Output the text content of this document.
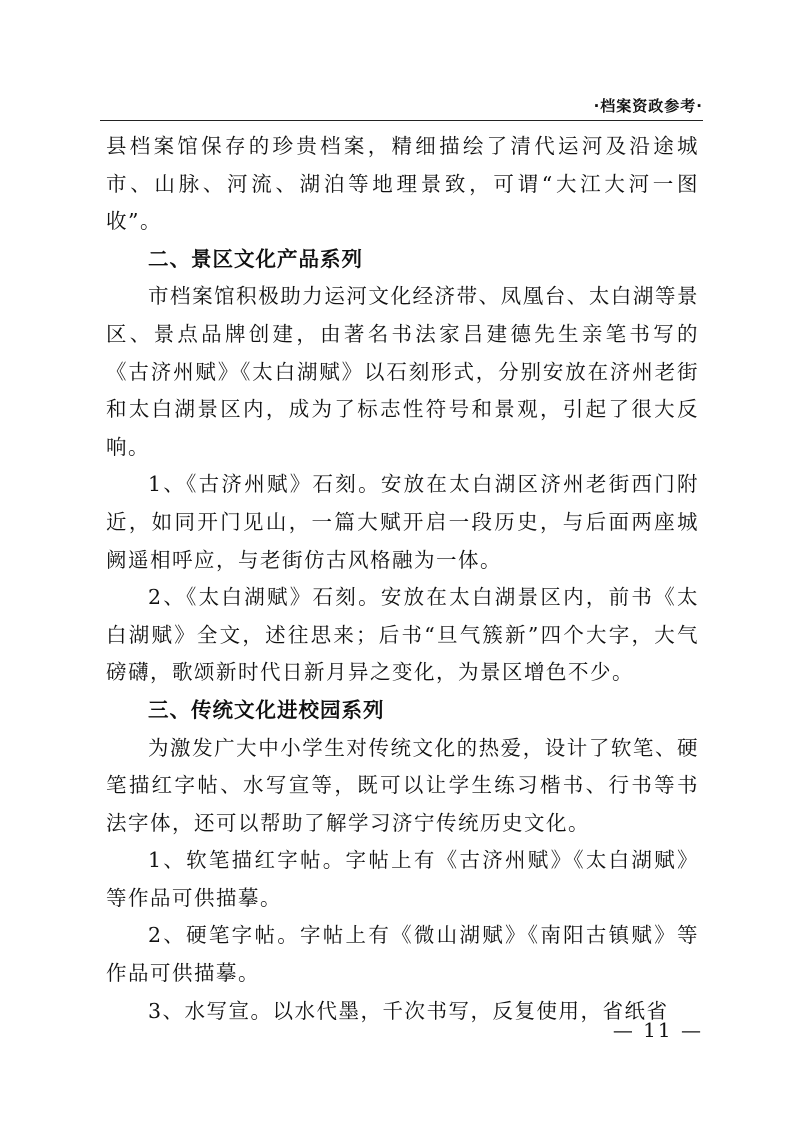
·档案资政参考·

县档案馆保存的珍贵档案，精细描绘了清代运河及沿途城市、山脉、河流、湖泊等地理景致，可谓“大江大河一图收”。

二、景区文化产品系列

市档案馆积极助力运河文化经济带、凤凰台、太白湖等景区、景点品牌创建，由著名书法家吕建德先生亲笔书写的《古济州赋》《太白湖赋》以石刻形式，分别安放在济州老街和太白湖景区内，成为了标志性符号和景观，引起了很大反响。

1、《古济州赋》石刻。安放在太白湖区济州老街西门附近，如同开门见山，一篇大赋开启一段历史，与后面两座城阙遥相呼应，与老街仿古风格融为一体。

2、《太白湖赋》石刻。安放在太白湖景区内，前书《太白湖赋》全文，述往思来；后书“旦气簇新”四个大字，大气磅礴，歌颂新时代日新月异之变化，为景区增色不少。

三、传统文化进校园系列

为激发广大中小学生对传统文化的热爱，设计了软笔、硬笔描红字帖、水写宣等，既可以让学生练习楷书、行书等书法字体，还可以帮助了解学习济宁传统历史文化。

1、软笔描红字帖。字帖上有《古济州赋》《太白湖赋》等作品可供描摹。

2、硬笔字帖。字帖上有《微山湖赋》《南阳古镇赋》等作品可供描摹。

3、水写宣。以水代墨，千次书写，反复使用，省纸省

— 11 —
